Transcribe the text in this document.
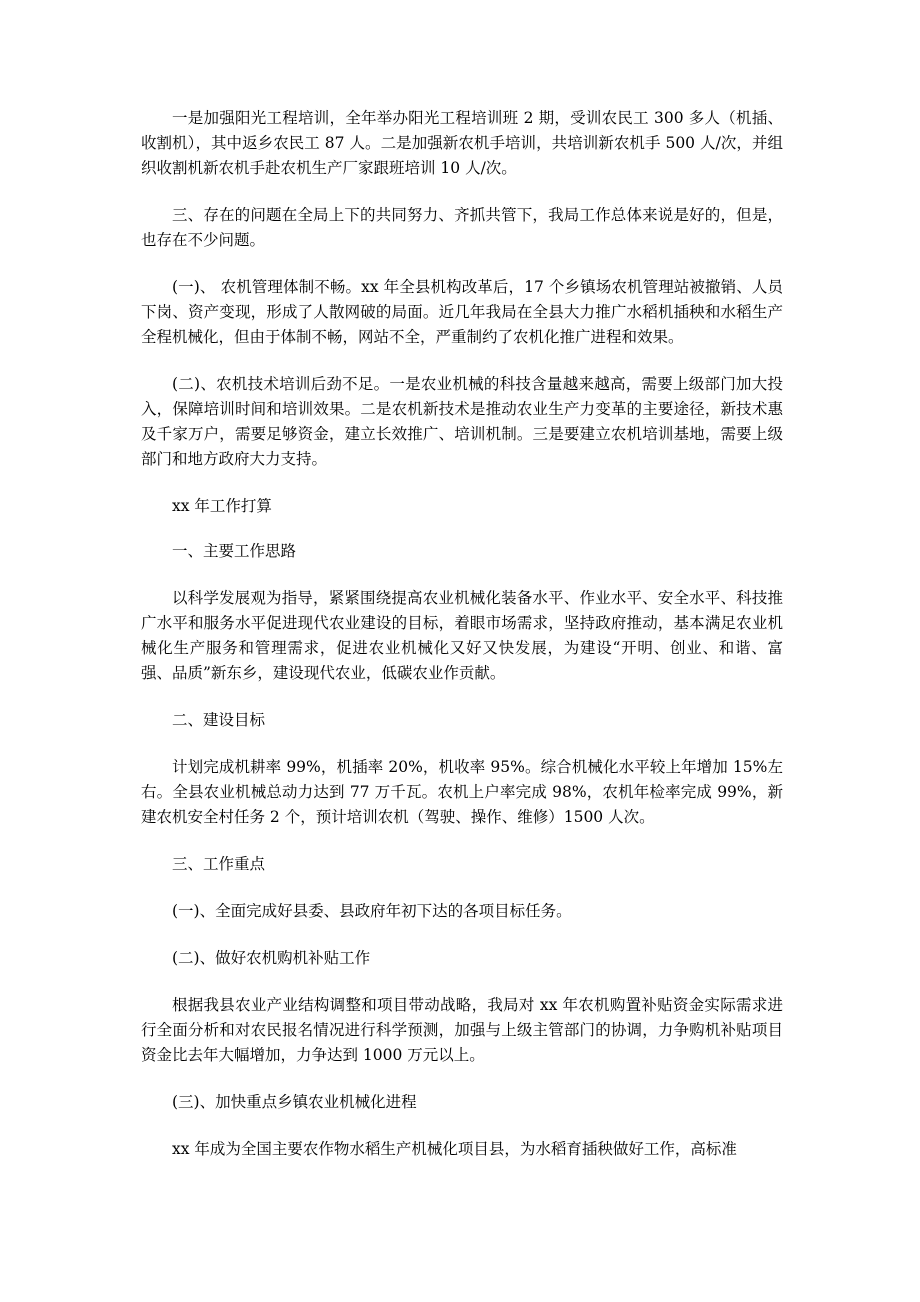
一是加强阳光工程培训，全年举办阳光工程培训班 2 期，受训农民工 300 多人（机插、收割机），其中返乡农民工 87 人。二是加强新农机手培训，共培训新农机手 500 人/次，并组织收割机新农机手赴农机生产厂家跟班培训 10 人/次。

三、存在的问题在全局上下的共同努力、齐抓共管下，我局工作总体来说是好的，但是，也存在不少问题。

(一)、 农机管理体制不畅。xx 年全县机构改革后，17 个乡镇场农机管理站被撤销、人员下岗、资产变现，形成了人散网破的局面。近几年我局在全县大力推广水稻机插秧和水稻生产全程机械化，但由于体制不畅，网站不全，严重制约了农机化推广进程和效果。

(二)、农机技术培训后劲不足。一是农业机械的科技含量越来越高，需要上级部门加大投入，保障培训时间和培训效果。二是农机新技术是推动农业生产力变革的主要途径，新技术惠及千家万户，需要足够资金，建立长效推广、培训机制。三是要建立农机培训基地，需要上级部门和地方政府大力支持。

xx 年工作打算

一、主要工作思路

以科学发展观为指导，紧紧围绕提高农业机械化装备水平、作业水平、安全水平、科技推广水平和服务水平促进现代农业建设的目标，着眼市场需求，坚持政府推动，基本满足农业机械化生产服务和管理需求，促进农业机械化又好又快发展，为建设“开明、创业、和谐、富强、品质”新东乡，建设现代农业，低碳农业作贡献。

二、建设目标

计划完成机耕率 99%，机插率 20%，机收率 95%。综合机械化水平较上年增加 15%左右。全县农业机械总动力达到 77 万千瓦。农机上户率完成 98%，农机年检率完成 99%，新建农机安全村任务 2 个，预计培训农机（驾驶、操作、维修）1500 人次。

三、工作重点

(一)、全面完成好县委、县政府年初下达的各项目标任务。

(二)、做好农机购机补贴工作

根据我县农业产业结构调整和项目带动战略，我局对 xx 年农机购置补贴资金实际需求进行全面分析和对农民报名情况进行科学预测，加强与上级主管部门的协调，力争购机补贴项目资金比去年大幅增加，力争达到 1000 万元以上。

(三)、加快重点乡镇农业机械化进程

xx 年成为全国主要农作物水稻生产机械化项目县，为水稻育插秧做好工作，高标准
